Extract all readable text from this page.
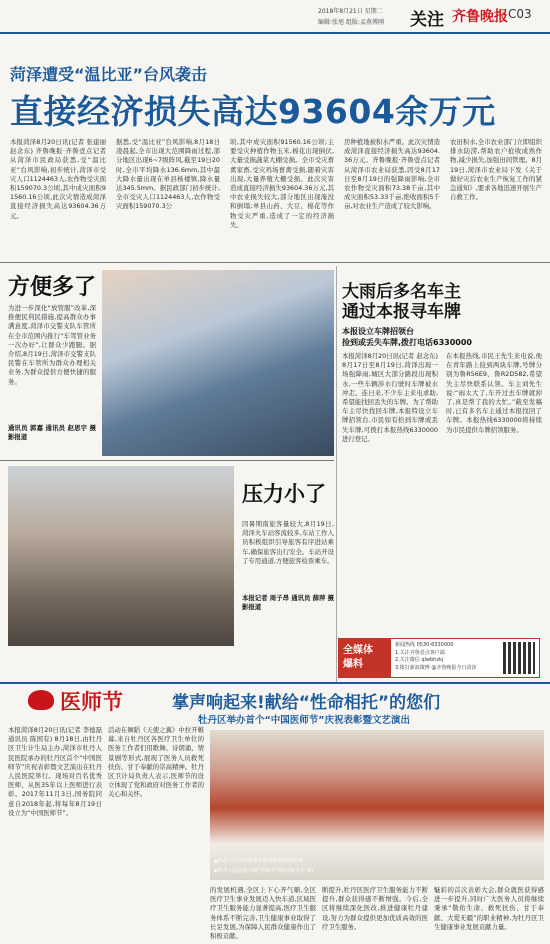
2018年8月21日 星期二
编辑:张旭 组版:孟燕博刚 关注 齐鲁晚报 C03
菏泽遭受“温比亚”台风袭击
直接经济损失高达93604余万元
本报菏泽8月20日讯(记者 张建丽 赵念东) 齐鲁晚报·齐鲁壹点记者从菏泽市民政局获悉,受“温比亚”台风影响,初步统计,菏泽市受灾人口1124463人,农作物受灾面积159070.3公顷,其中成灾面积91560.16公顷,此次灾情造成菏泽直接经济损失高达93604.36万元。
据悉,受“温比亚”台风影响,8月18日凌晨起,全市出现大范围降雨过程,部分地区出现6~7级阵风,截至19日20时,全市平均降水136.6mm,其中最大降水量出现在单县杨楼镇,降水量达345.5mm。据民政部门初步统计,全市受灾人口1124463人,农作物受灾面积159070.3公
顷,其中成灾面积91560.16公顷;主要受灾种植作物玉米,棉花出现倒伏,大量受损蔬菜大棚受损。全市受灾畜禽家畜,受灾鸡场畜禽受损,随着灾害出现,大量养殖大棚受损。此次灾害造成直接经济损失93604.36万元,其中农业损失较大,部分地区出现淹没和倒塌;单县山药、大豆、棉花等作物受灾严重,造成了一定的经济损失。
房种植地被积水严重。此次灾情造成菏泽直接经济损失高达93604.36万元。齐鲁晚报·齐鲁壹点记者从菏泽市农业局获悉,因受8月17日至8月19日的强降雨影响,全市农作物受灾面积73.38千亩,其中成灾面积53.33千亩,绝收面积5千亩,对农业生产造成了较大影响。
农田积水,全市农业部门立即组织排水防涝,帮助农户抢收成熟作物,减少损失,加强田间管理。8月19日,菏泽市农业局下发《关于做好灾后农业生产恢复工作的紧急通知》,要求各地迅速开展生产自救工作。
方便多了
为进一步深化“放管服”改革,深推便民利民措施,提高群众办事满意度,菏泽市交警支队车管所在全市范围内推行“车驾管业务一次办好”,让群众少跑腿。据介绍,8月19日,菏泽市交警支队民警在车管所为群众办理相关业务,为群众提供方便快捷的服务。
通讯员 郭嘉 通讯员 赵思宇 摄影报道
压力小了
因暑期南旅客量较大,8月19日,菏泽火车站客流较多,车站工作人员积极组织引导旅客有序进站乘车,确保旅客出行安全。车站开设了专用通道,方便旅客检票乘车。
本报记者 周子昂 通讯员 薛萍 摄影报道
大雨后多名车主
通过本报寻车牌
本报设立车牌招领台
捡到或丢失车牌,拨打电话6330000
本报菏泽8月20日讯(记者 赵念东) 8月17日至8月19日,菏泽出现一场强降雨,城区大部分路段出现积水,一些车辆涉水行驶时车牌被水冲走。连日来,不少车主来电求助,希望能找回丢失的车牌。为了帮助车主尽快找回车牌,本报特设立车牌招领台,市民如有拾到车牌或丢失车牌,可拨打本报热线6330000进行登记。
在本报热线,市民王先生来电说,他在青年路上捡到两块车牌,号牌分别为鲁R56E9、鲁R2D582,希望失主尽快联系认领。车主刘先生说:“雨太大了,车开过去车牌就掉了,真是帮了我的大忙。”截至发稿时,已有多名车主通过本报找回了车牌。本报热线6330000将持续为市民提供车牌招领服务。
全媒体
爆料
新闻热线 0530-6330000
1.关注齐鲁壹点客户端
2.关注微信 qlwbhzkj
3.拨打新浪微博 @齐鲁晚报今日菏泽
医师节	掌声响起来!献给“性命相托”的您们
牡丹区举办首个“中国医师节”庆祝表彰暨文艺演出
本报菏泽8月20日讯(记者 李德磊 通讯员 陈国有) 8月18日,由牡丹区卫生计生局主办,菏泽市牡丹人民医院承办的牡丹区首个“中国医师节”庆祝表彰暨文艺演出在牡丹人民医院举行。现场对百名优秀医师、从医35年以上医师进行表彰。2017年11月3日,国务院同意自2018年起,将每年8月19日设立为“中国医师节”。
活动在舞蹈《天使之翼》中拉开帷幕,来自牡丹区各医疗卫生单位的医务工作者们用歌舞、诗朗诵、情景剧等形式,展现了医务人员救死扶伤、甘于奉献的崇高精神。牡丹区卫计局负责人表示,医师节的设立体现了党和政府对医务工作者的关心和关怀。
▲牡丹人民医院党委表彰先进和优秀医师
▶牡丹人民医院开展“医师节”演出(张文杰 摄)
的发展机遇,全区上下心齐气顺,全区医疗卫生事业发展迈入快车道,区域医疗卫生服务能力显著提高,医疗卫生服务体系不断完善,卫生健康事业取得了长足发展,为保障人民群众健康作出了积极贡献。
断提升,牡丹区医疗卫生服务能力不断提升,群众获得感不断增强。今后,全区将继续深化医改,推进健康牡丹建设,努力为群众提供更加优质高效的医疗卫生服务。
魅彩的首次表彰大会,群众就医获得感进一步提升,同时广大医务人员将继续秉承“敬佑生命、救死扶伤、甘于奉献、大爱无疆”的职业精神,为牡丹区卫生健康事业发展贡献力量。
